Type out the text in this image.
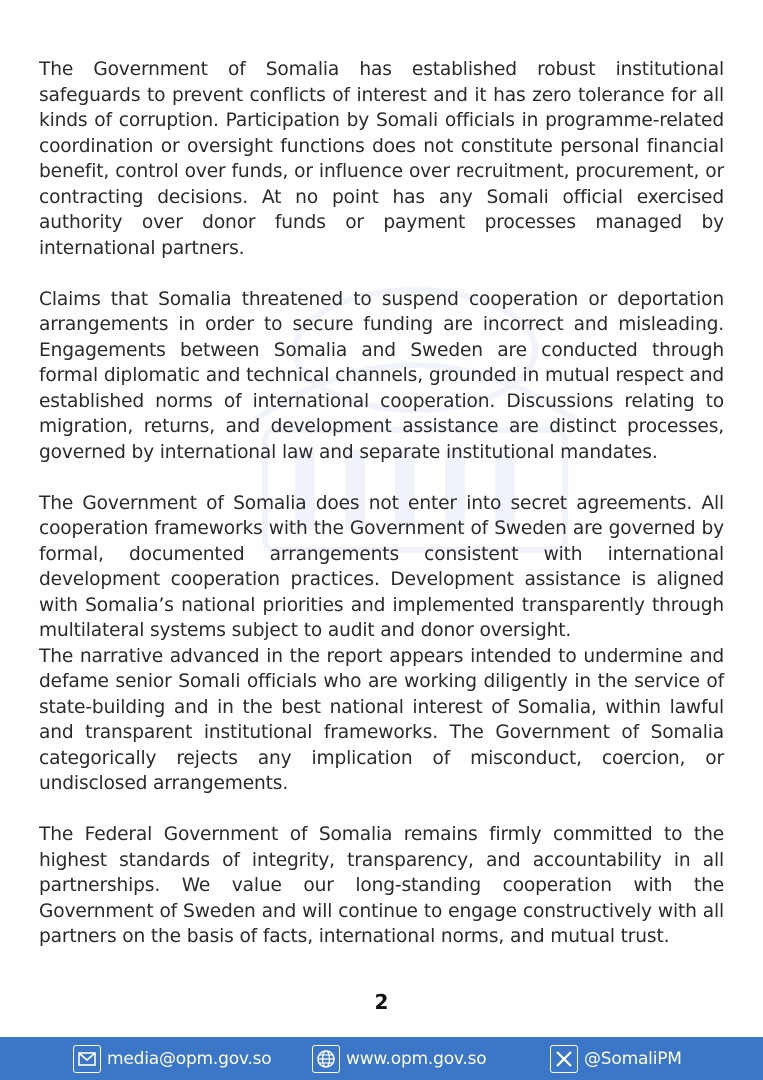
The Government of Somalia has established robust institutional safeguards to prevent conflicts of interest and it has zero tolerance for all kinds of corruption. Participation by Somali officials in programme-related coordination or oversight functions does not constitute personal financial benefit, control over funds, or influence over recruitment, procurement, or contracting decisions. At no point has any Somali official exercised authority over donor funds or payment processes managed by international partners.

Claims that Somalia threatened to suspend cooperation or deportation arrangements in order to secure funding are incorrect and misleading. Engagements between Somalia and Sweden are conducted through formal diplomatic and technical channels, grounded in mutual respect and established norms of international cooperation. Discussions relating to migration, returns, and development assistance are distinct processes, governed by international law and separate institutional mandates.

The Government of Somalia does not enter into secret agreements. All cooperation frameworks with the Government of Sweden are governed by formal, documented arrangements consistent with international development cooperation practices. Development assistance is aligned with Somalia’s national priorities and implemented transparently through multilateral systems subject to audit and donor oversight.

The narrative advanced in the report appears intended to undermine and defame senior Somali officials who are working diligently in the service of state-building and in the best national interest of Somalia, within lawful and transparent institutional frameworks. The Government of Somalia categorically rejects any implication of misconduct, coercion, or undisclosed arrangements.

The Federal Government of Somalia remains firmly committed to the highest standards of integrity, transparency, and accountability in all partnerships. We value our long-standing cooperation with the Government of Sweden and will continue to engage constructively with all partners on the basis of facts, international norms, and mutual trust.

2
media@opm.gov.so	www.opm.gov.so	@SomaliPM
